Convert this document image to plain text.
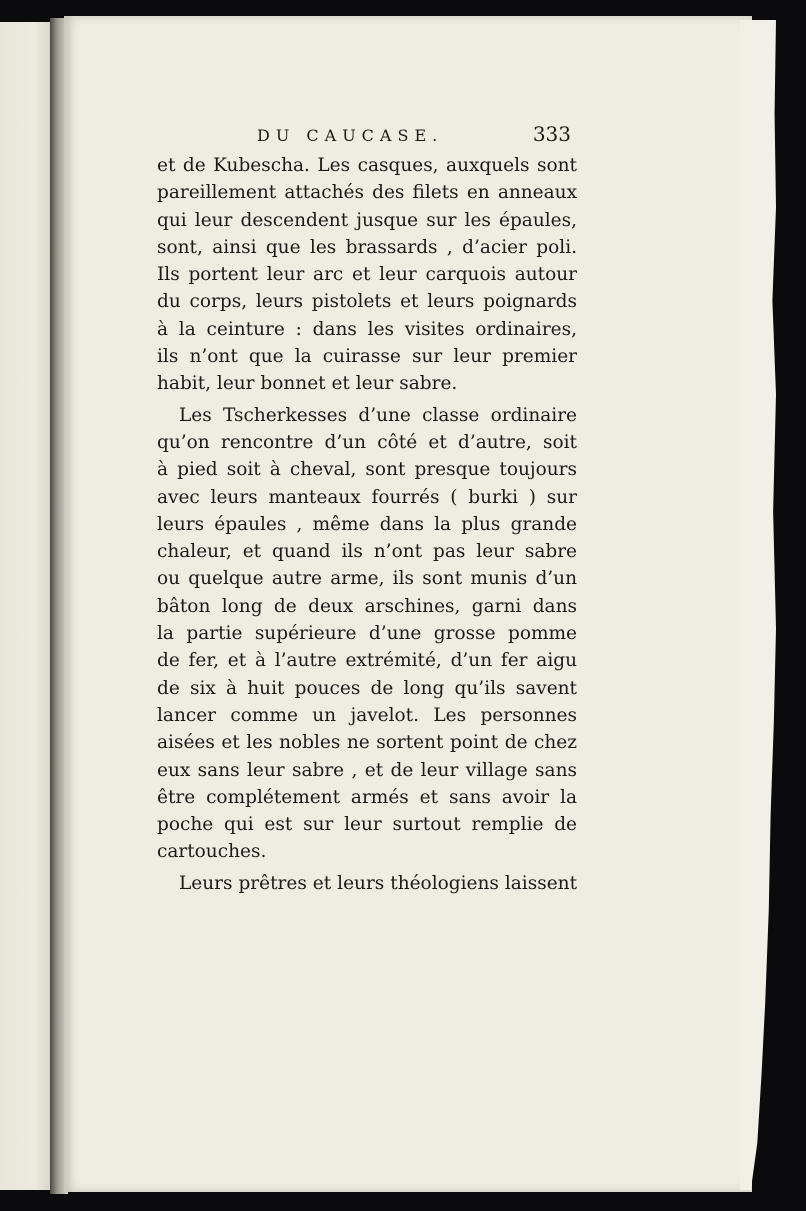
DU CAUCASE.	333
et de Kubescha. Les casques, auxquels sont
pareillement attachés des filets en anneaux
qui leur descendent jusque sur les épaules,
sont, ainsi que les brassards , d’acier poli.
Ils portent leur arc et leur carquois autour
du corps, leurs pistolets et leurs poignards
à la ceinture : dans les visites ordinaires,
ils n’ont que la cuirasse sur leur premier
habit, leur bonnet et leur sabre.
Les Tscherkesses d’une classe ordinaire
qu’on rencontre d’un côté et d’autre, soit
à pied soit à cheval, sont presque toujours
avec leurs manteaux fourrés ( burki ) sur
leurs épaules , même dans la plus grande
chaleur, et quand ils n’ont pas leur sabre
ou quelque autre arme, ils sont munis d’un
bâton long de deux arschines, garni dans
la partie supérieure d’une grosse pomme
de fer, et à l’autre extrémité, d’un fer aigu
de six à huit pouces de long qu’ils savent
lancer comme un javelot. Les personnes
aisées et les nobles ne sortent point de chez
eux sans leur sabre , et de leur village sans
être complétement armés et sans avoir la
poche qui est sur leur surtout remplie de
cartouches.
Leurs prêtres et leurs théologiens laissent
